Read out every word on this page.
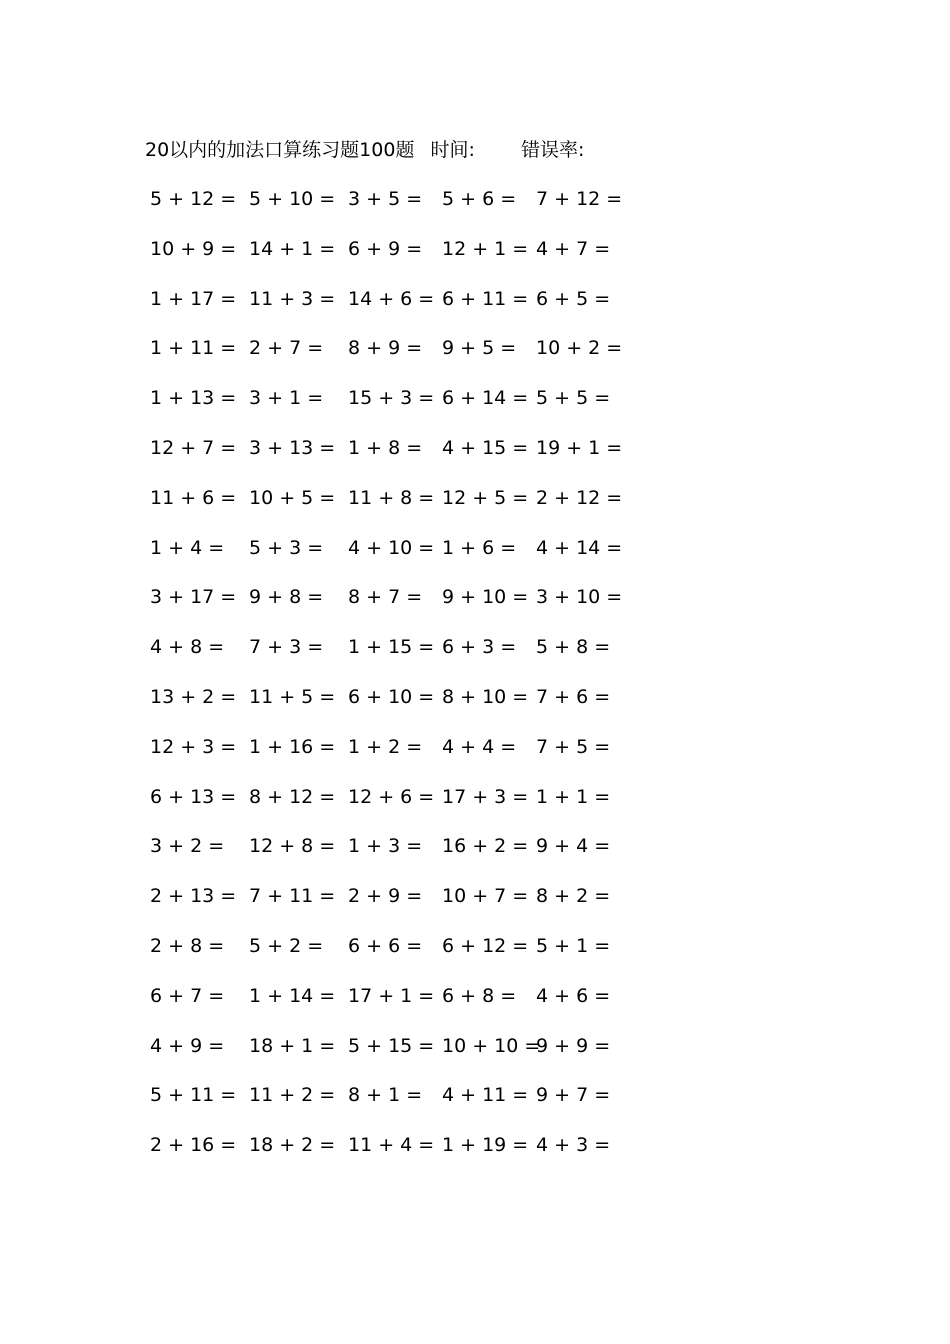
20以内的加法口算练习题100题 时间: 错误率:
5 + 12 = 5 + 10 = 3 + 5 = 5 + 6 = 7 + 12 =
10 + 9 = 14 + 1 = 6 + 9 = 12 + 1 = 4 + 7 =
1 + 17 = 11 + 3 = 14 + 6 = 6 + 11 = 6 + 5 =
1 + 11 = 2 + 7 = 8 + 9 = 9 + 5 = 10 + 2 =
1 + 13 = 3 + 1 = 15 + 3 = 6 + 14 = 5 + 5 =
12 + 7 = 3 + 13 = 1 + 8 = 4 + 15 = 19 + 1 =
11 + 6 = 10 + 5 = 11 + 8 = 12 + 5 = 2 + 12 =
1 + 4 = 5 + 3 = 4 + 10 = 1 + 6 = 4 + 14 =
3 + 17 = 9 + 8 = 8 + 7 = 9 + 10 = 3 + 10 =
4 + 8 = 7 + 3 = 1 + 15 = 6 + 3 = 5 + 8 =
13 + 2 = 11 + 5 = 6 + 10 = 8 + 10 = 7 + 6 =
12 + 3 = 1 + 16 = 1 + 2 = 4 + 4 = 7 + 5 =
6 + 13 = 8 + 12 = 12 + 6 = 17 + 3 = 1 + 1 =
3 + 2 = 12 + 8 = 1 + 3 = 16 + 2 = 9 + 4 =
2 + 13 = 7 + 11 = 2 + 9 = 10 + 7 = 8 + 2 =
2 + 8 = 5 + 2 = 6 + 6 = 6 + 12 = 5 + 1 =
6 + 7 = 1 + 14 = 17 + 1 = 6 + 8 = 4 + 6 =
4 + 9 = 18 + 1 = 5 + 15 = 10 + 10 =
9 + 9 =
5 + 11 = 11 + 2 = 8 + 1 = 4 + 11 = 9 + 7 =
2 + 16 = 18 + 2 = 11 + 4 = 1 + 19 = 4 + 3 =
